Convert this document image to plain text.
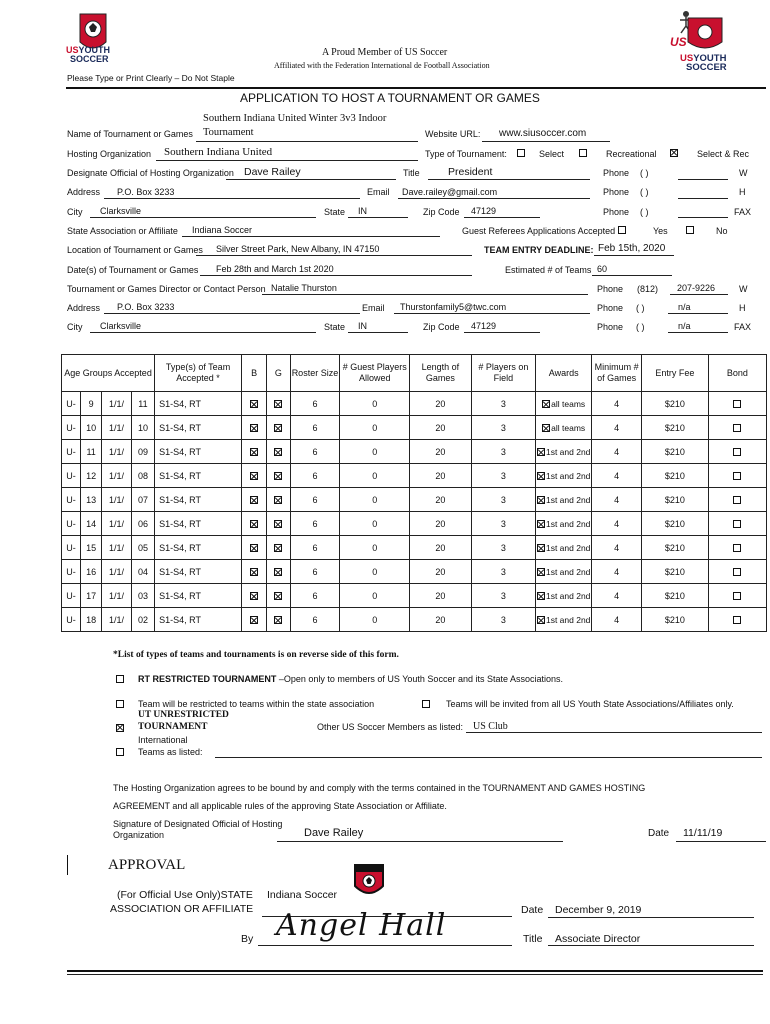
USYOUTH
SOCCER
US
USYOUTH
SOCCER
A Proud Member of US Soccer
Affiliated with the Federation International de Football Association
Please Type or Print Clearly – Do Not Staple
APPLICATION TO HOST A TOURNAMENT OR GAMES
Southern Indiana United Winter 3v3 Indoor
Name of Tournament or Games Tournament	Website URL: www.siusoccer.com
Hosting Organization Southern Indiana United	Type of Tournament:	Select	Recreational	Select & Rec
Designate Official of Hosting Organization Dave Railey	Title	President	Phone ( )	W
Address P.O. Box 3233	Email Dave.railey@gmail.com	Phone ( )	H
City Clarksville	State IN	Zip Code 47129	Phone ( )	FAX
State Association or Affiliate Indiana Soccer	Guest Referees Applications Accepted	Yes	No
Location of Tournament or Games Silver Street Park, New Albany, IN 47150	TEAM ENTRY DEADLINE: Feb 15th, 2020
Date(s) of Tournament or Games Feb 28th and March 1st 2020	Estimated # of Teams 60
Tournament or Games Director or Contact Person Natalie Thurston	Phone (812) 207-9226	W
Address P.O. Box 3233	Email Thurstonfamily5@twc.com	Phone ( )	n/a	H
City Clarksville	State IN	Zip Code 47129	Phone ( )	n/a	FAX
Age Groups Accepted				Type(s) of Team Accepted *	B	G	Roster Size	# Guest Players Allowed	Length of Games	# Players on Field	Awards	Minimum # of Games	Entry Fee	Bond
U-	9	1/1/	11	S1-S4, RT			6	0	20	3	all teams	4	$210	
U-	10	1/1/	10	S1-S4, RT			6	0	20	3	all teams	4	$210	
U-	11	1/1/	09	S1-S4, RT			6	0	20	3	1st and 2nd	4	$210	
U-	12	1/1/	08	S1-S4, RT			6	0	20	3	1st and 2nd	4	$210	
U-	13	1/1/	07	S1-S4, RT			6	0	20	3	1st and 2nd	4	$210	
U-	14	1/1/	06	S1-S4, RT			6	0	20	3	1st and 2nd	4	$210	
U-	15	1/1/	05	S1-S4, RT			6	0	20	3	1st and 2nd	4	$210	
U-	16	1/1/	04	S1-S4, RT			6	0	20	3	1st and 2nd	4	$210	
U-	17	1/1/	03	S1-S4, RT			6	0	20	3	1st and 2nd	4	$210	
U-	18	1/1/	02	S1-S4, RT			6	0	20	3	1st and 2nd	4	$210	
*List of types of teams and tournaments is on reverse side of this form.
RT RESTRICTED TOURNAMENT –Open only to members of US Youth Soccer and its State Associations.
Team will be restricted to teams within the state association	Teams will be invited from all US Youth State Associations/Affiliates only.
UT UNRESTRICTED
TOURNAMENT	Other US Soccer Members as listed: US Club
International
Teams as listed:
The Hosting Organization agrees to be bound by and comply with the terms contained in the TOURNAMENT AND GAMES HOSTING
AGREEMENT and all applicable rules of the approving State Association or Affiliate.
Signature of Designated Official of Hosting
Organization	Dave Railey	Date 11/11/19
APPROVAL
(For Official Use Only)STATE
ASSOCIATION OR AFFILIATE
Indiana Soccer
Date December 9, 2019
By Angel Hall	Title Associate Director
